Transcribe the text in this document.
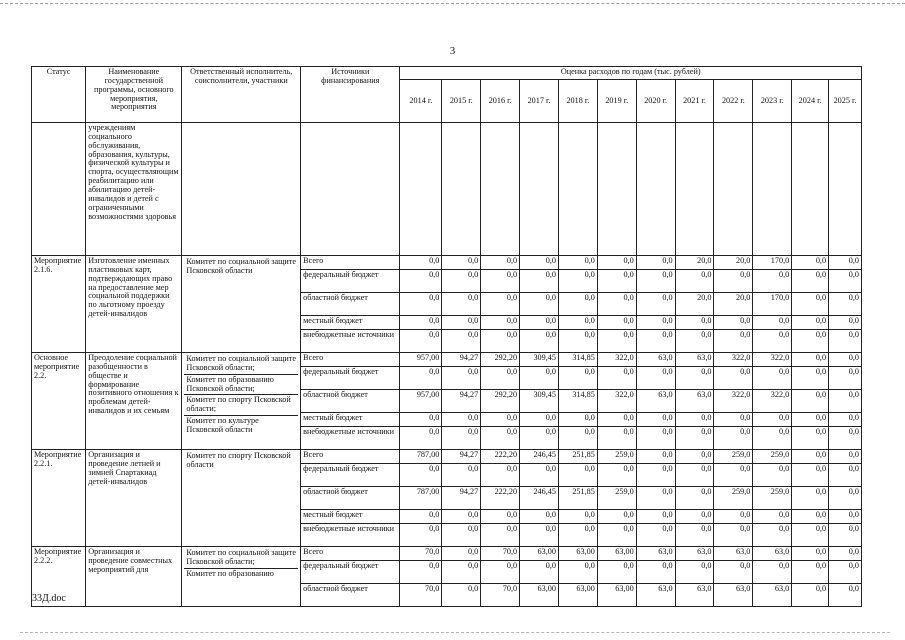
3
Статус	Наименование государственной программы, основного мероприятия, мероприятия	Ответственный исполнитель, соисполнители, участники	Источники финансирования	Оценка расходов по годам (тыс. рублей)											
				2014 г.	2015 г.	2016 г.	2017 г.	2018 г.	2019 г.	2020 г.	2021 г.	2022 г.	2023 г.	2024 г.	2025 г.
	учреждениям социального обслуживания, образования, культуры, физической культуры и спорта, осуществляющим реабилитацию или абилитацию детей-инвалидов и детей с ограниченными возможностями здоровья														
Мероприятие 2.1.6.	Изготовление именных пластиковых карт, подтверждающих право на предоставление мер социальной поддержки по льготному проезду детей-инвалидов	Комитет по социальной защите Псковской области	Всего	0,0	0,0	0,0	0,0	0,0	0,0	0,0	20,0	20,0	170,0	0,0	0,0
			федеральный бюджет	0,0	0,0	0,0	0,0	0,0	0,0	0,0	0,0	0,0	0,0	0,0	0,0
			областной бюджет	0,0	0,0	0,0	0,0	0,0	0,0	0,0	20,0	20,0	170,0	0,0	0,0
			местный бюджет	0,0	0,0	0,0	0,0	0,0	0,0	0,0	0,0	0,0	0,0	0,0	0,0
			внебюджетные источники	0,0	0,0	0,0	0,0	0,0	0,0	0,0	0,0	0,0	0,0	0,0	0,0
Основное мероприятие 2.2.	Преодоление социальной разобщенности в обществе и формирование позитивного отношения к проблемам детей-инвалидов и их семьям	Комитет по социальной защите Псковской области;
Комитет по образованию Псковской области;
Комитет по спорту Псковской области;
Комитет по культуре Псковской области	Всего	957,00	94,27	292,20	309,45	314,85	322,0	63,0	63,0	322,0	322,0	0,0	0,0
			федеральный бюджет	0,0	0,0	0,0	0,0	0,0	0,0	0,0	0,0	0,0	0,0	0,0	0,0
			областной бюджет	957,00	94,27	292,20	309,45	314,85	322,0	63,0	63,0	322,0	322,0	0,0	0,0
			местный бюджет	0,0	0,0	0,0	0,0	0,0	0,0	0,0	0,0	0,0	0,0	0,0	0,0
			внебюджетные источники	0,0	0,0	0,0	0,0	0,0	0,0	0,0	0,0	0,0	0,0	0,0	0,0
Мероприятие 2.2.1.	Организация и проведение летней и зимней Спартакиад детей-инвалидов	Комитет по спорту Псковской области	Всего	787,00	94,27	222,20	246,45	251,85	259,0	0,0	0,0	259,0	259,0	0,0	0,0
			федеральный бюджет	0,0	0,0	0,0	0,0	0,0	0,0	0,0	0,0	0,0	0,0	0,0	0,0
			областной бюджет	787,00	94,27	222,20	246,45	251,85	259,0	0,0	0,0	259,0	259,0	0,0	0,0
			местный бюджет	0,0	0,0	0,0	0,0	0,0	0,0	0,0	0,0	0,0	0,0	0,0	0,0
			внебюджетные источники	0,0	0,0	0,0	0,0	0,0	0,0	0,0	0,0	0,0	0,0	0,0	0,0
Мероприятие 2.2.2.	Организация и проведение совместных мероприятий для	Комитет по социальной защите Псковской области;
Комитет по образованию	Всего	70,0	0,0	70,0	63,00	63,00	63,00	63,0	63,0	63,0	63,0	0,0	0,0
			федеральный бюджет	0,0	0,0	0,0	0,0	0,0	0,0	0,0	0,0	0,0	0,0	0,0	0,0
			областной бюджет	70,0	0,0	70,0	63,00	63,00	63,00	63,0	63,0	63,0	63,0	0,0	0,0
33Д.doc
